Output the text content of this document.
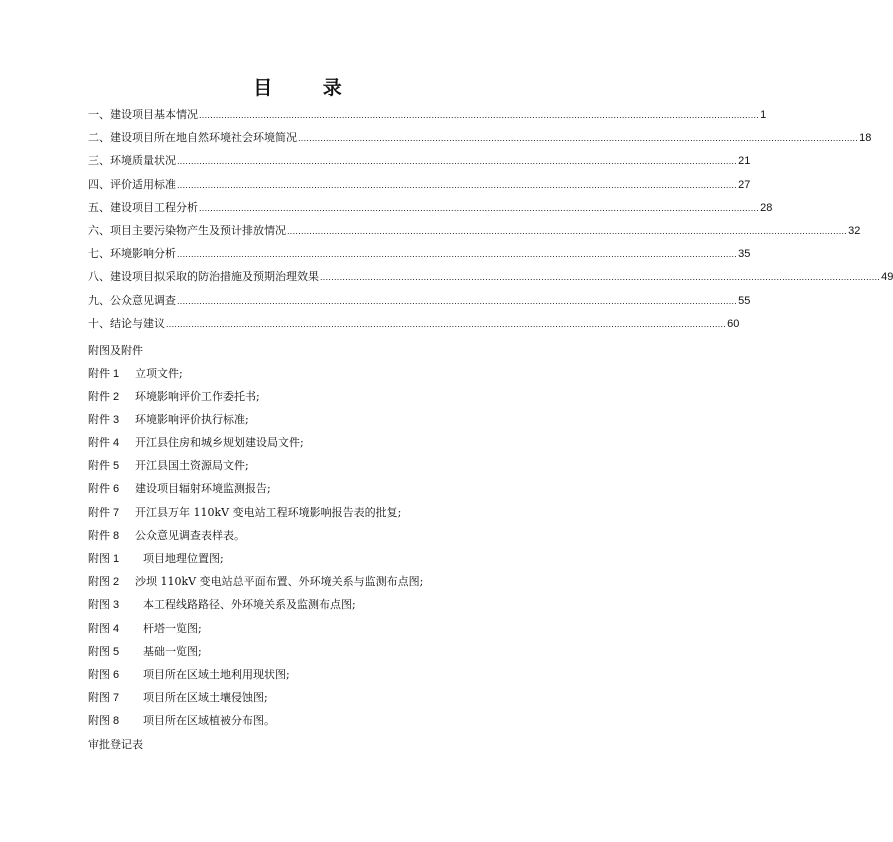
目 录
一、建设项目基本情况 ........................................................................................................................................................................................................ 1
二、建设项目所在地自然环境社会环境简况 ........................................................................................................................................................................................................ 18
三、环境质量状况 ........................................................................................................................................................................................................ 21
四、评价适用标准 ........................................................................................................................................................................................................ 27
五、建设项目工程分析 ........................................................................................................................................................................................................ 28
六、项目主要污染物产生及预计排放情况 ........................................................................................................................................................................................................ 32
七、环境影响分析 ........................................................................................................................................................................................................ 35
八、建设项目拟采取的防治措施及预期治理效果 ........................................................................................................................................................................................................ 49
九、公众意见调查 ........................................................................................................................................................................................................ 55
十、结论与建议 ........................................................................................................................................................................................................ 60
附图及附件
附件 1	立项文件;
附件 2	环境影响评价工作委托书;
附件 3	环境影响评价执行标准;
附件 4	开江县住房和城乡规划建设局文件;
附件 5	开江县国土资源局文件;
附件 6	建设项目辐射环境监测报告;
附件 7	开江县万年 110kV 变电站工程环境影响报告表的批复;
附件 8	公众意见调查表样表。
附图 1	项目地理位置图;
附图 2	沙坝 110kV 变电站总平面布置、外环境关系与监测布点图;
附图 3	本工程线路路径、外环境关系及监测布点图;
附图 4	杆塔一览图;
附图 5	基础一览图;
附图 6	项目所在区域土地利用现状图;
附图 7	项目所在区域土壤侵蚀图;
附图 8	项目所在区域植被分布图。
审批登记表
